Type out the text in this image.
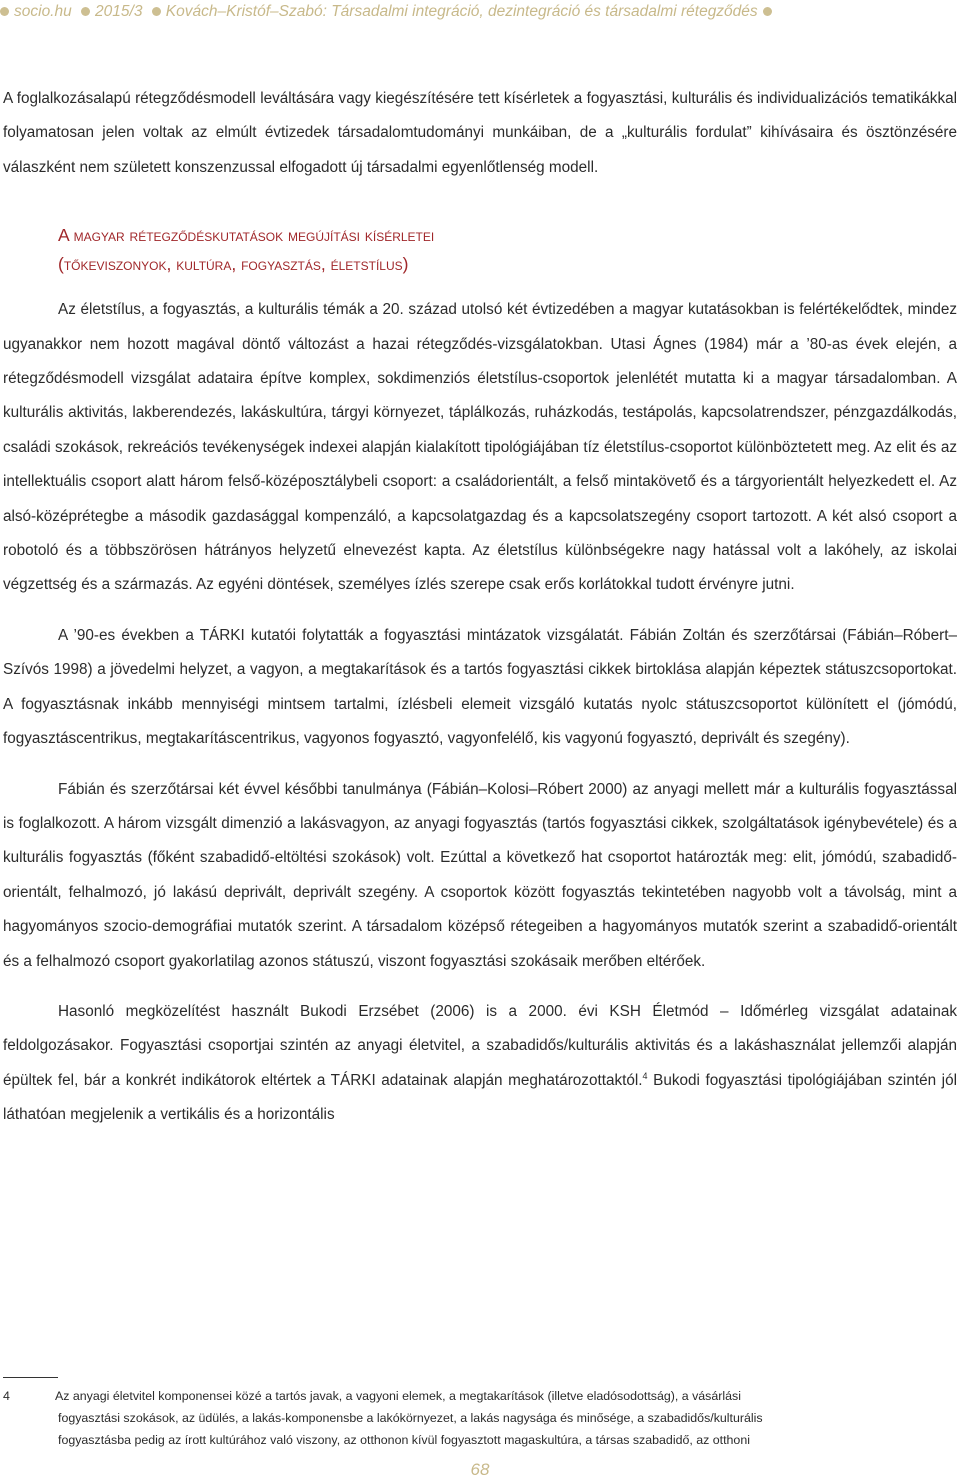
socio.hu 2015/3 Kovách–Kristóf–Szabó: Társadalmi integráció, dezintegráció és társadalmi rétegződés

A foglalkozásalapú rétegződésmodell leváltására vagy kiegészítésére tett kísérletek a fogyasztási, kulturális és individualizációs tematikákkal folyamatosan jelen voltak az elmúlt évtizedek társadalomtudományi munkáiban, de a „kulturális fordulat” kihívásaira és ösztönzésére válaszként nem született konszenzussal elfogadott új társadalmi egyenlőtlenség modell.

A magyar rétegződéskutatások megújítási kísérletei
(tőkeviszonyok, kultúra, fogyasztás, életstílus)

Az életstílus, a fogyasztás, a kulturális témák a 20. század utolsó két évtizedében a magyar kutatásokban is felértékelődtek, mindez ugyanakkor nem hozott magával döntő változást a hazai rétegződés-vizsgálatokban. Utasi Ágnes (1984) már a ’80-as évek elején, a rétegződésmodell vizsgálat adataira építve komplex, sokdimenziós életstílus-csoportok jelenlétét mutatta ki a magyar társadalomban. A kulturális aktivitás, lakberendezés, lakáskultúra, tárgyi környezet, táplálkozás, ruházkodás, testápolás, kapcsolatrendszer, pénzgazdálkodás, családi szokások, rekreációs tevékenységek indexei alapján kialakított tipológiájában tíz életstílus-csoportot különböztetett meg. Az elit és az intellektuális csoport alatt három felső-középosztálybeli csoport: a családorientált, a felső mintakövető és a tárgyorientált helyezkedett el. Az alsó-középrétegbe a második gazdasággal kompenzáló, a kapcsolatgazdag és a kapcsolatszegény csoport tartozott. A két alsó csoport a robotoló és a többszörösen hátrányos helyzetű elnevezést kapta. Az életstílus különbségekre nagy hatással volt a lakóhely, az iskolai végzettség és a származás. Az egyéni döntések, személyes ízlés szerepe csak erős korlátokkal tudott érvényre jutni.

A ’90-es években a TÁRKI kutatói folytatták a fogyasztási mintázatok vizsgálatát. Fábián Zoltán és szerzőtársai (Fábián–Róbert–Szívós 1998) a jövedelmi helyzet, a vagyon, a megtakarítások és a tartós fogyasztási cikkek birtoklása alapján képeztek státuszcsoportokat. A fogyasztásnak inkább mennyiségi mintsem tartalmi, ízlésbeli elemeit vizsgáló kutatás nyolc státuszcsoportot különített el (jómódú, fogyasztáscentrikus, megtakarításcentrikus, vagyonos fogyasztó, vagyonfelélő, kis vagyonú fogyasztó, deprivált és szegény).

Fábián és szerzőtársai két évvel későbbi tanulmánya (Fábián–Kolosi–Róbert 2000) az anyagi mellett már a kulturális fogyasztással is foglalkozott. A három vizsgált dimenzió a lakásvagyon, az anyagi fogyasztás (tartós fogyasztási cikkek, szolgáltatások igénybevétele) és a kulturális fogyasztás (főként szabadidő-eltöltési szokások) volt. Ezúttal a következő hat csoportot határozták meg: elit, jómódú, szabadidő-orientált, felhalmozó, jó lakású deprivált, deprivált szegény. A csoportok között fogyasztás tekintetében nagyobb volt a távolság, mint a hagyományos szocio-demográfiai mutatók szerint. A társadalom középső rétegeiben a hagyományos mutatók szerint a szabadidő-orientált és a felhalmozó csoport gyakorlatilag azonos státuszú, viszont fogyasztási szokásaik merőben eltérőek.

Hasonló megközelítést használt Bukodi Erzsébet (2006) is a 2000. évi KSH Életmód – Időmérleg vizsgálat adatainak feldolgozásakor. Fogyasztási csoportjai szintén az anyagi életvitel, a szabadidős/kulturális aktivitás és a lakáshasználat jellemzői alapján épültek fel, bár a konkrét indikátorok eltértek a TÁRKI adatainak alapján meghatározottaktól.$^4$ Bukodi fogyasztási tipológiájában szintén jól láthatóan megjelenik a vertikális és a horizontális

4	Az anyagi életvitel komponensei közé a tartós javak, a vagyoni elemek, a megtakarítások (illetve eladósodottság), a vásárlási
fogyasztási szokások, az üdülés, a lakás-komponensbe a lakókörnyezet, a lakás nagysága és minősége, a szabadidős/kulturális
fogyasztásba pedig az írott kultúrához való viszony, az otthonon kívül fogyasztott magaskultúra, a társas szabadidő, az otthoni
68
